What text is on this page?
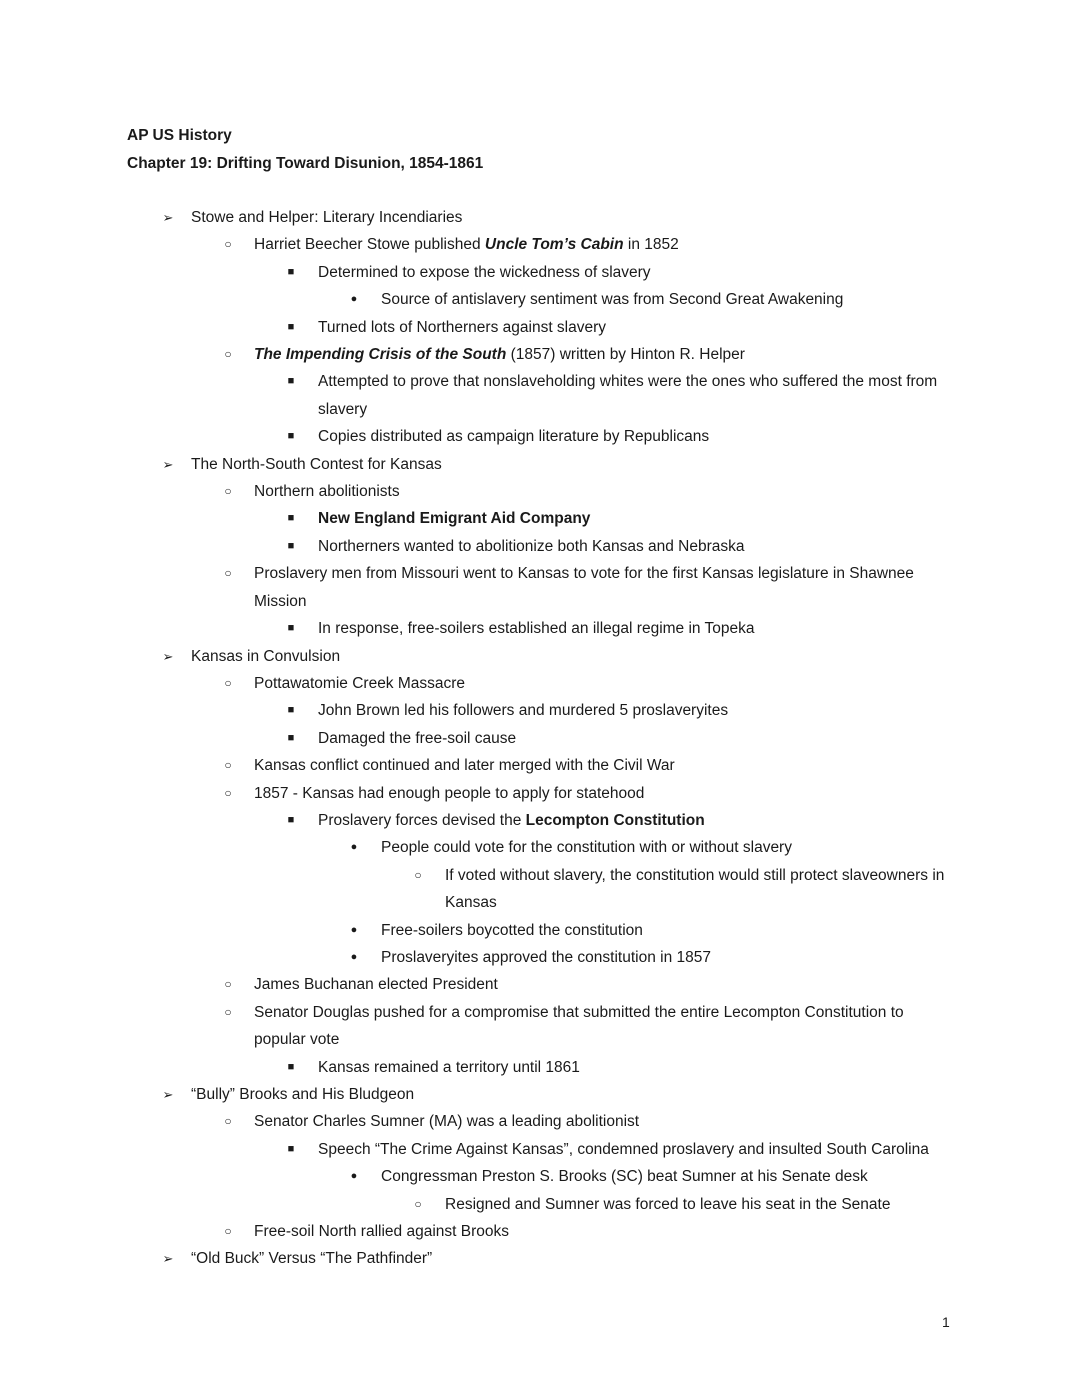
AP US History
Chapter 19: Drifting Toward Disunion, 1854-1861
➢ Stowe and Helper: Literary Incendiaries
○	Harriet Beecher Stowe published Uncle Tom’s Cabin in 1852
■	Determined to expose the wickedness of slavery
●	Source of antislavery sentiment was from Second Great Awakening
■	Turned lots of Northerners against slavery
○	The Impending Crisis of the South (1857) written by Hinton R. Helper
■	Attempted to prove that nonslaveholding whites were the ones who suffered the most from slavery
■	Copies distributed as campaign literature by Republicans
➢ The North-South Contest for Kansas
○	Northern abolitionists
■	New England Emigrant Aid Company
■	Northerners wanted to abolitionize both Kansas and Nebraska
○	Proslavery men from Missouri went to Kansas to vote for the first Kansas legislature in Shawnee Mission
■	In response, free-soilers established an illegal regime in Topeka
➢ Kansas in Convulsion
○	Pottawatomie Creek Massacre
■	John Brown led his followers and murdered 5 proslaveryites
■	Damaged the free-soil cause
○	Kansas conflict continued and later merged with the Civil War
○	1857 - Kansas had enough people to apply for statehood
■	Proslavery forces devised the Lecompton Constitution
●	People could vote for the constitution with or without slavery
○	If voted without slavery, the constitution would still protect slaveowners in Kansas
●	Free-soilers boycotted the constitution
●	Proslaveryites approved the constitution in 1857
○	James Buchanan elected President
○	Senator Douglas pushed for a compromise that submitted the entire Lecompton Constitution to popular vote
■	Kansas remained a territory until 1861
➢ “Bully” Brooks and His Bludgeon
○	Senator Charles Sumner (MA) was a leading abolitionist
■	Speech “The Crime Against Kansas”, condemned proslavery and insulted South Carolina
●	Congressman Preston S. Brooks (SC) beat Sumner at his Senate desk
○	Resigned and Sumner was forced to leave his seat in the Senate
○	Free-soil North rallied against Brooks
➢ “Old Buck” Versus “The Pathfinder”
1
